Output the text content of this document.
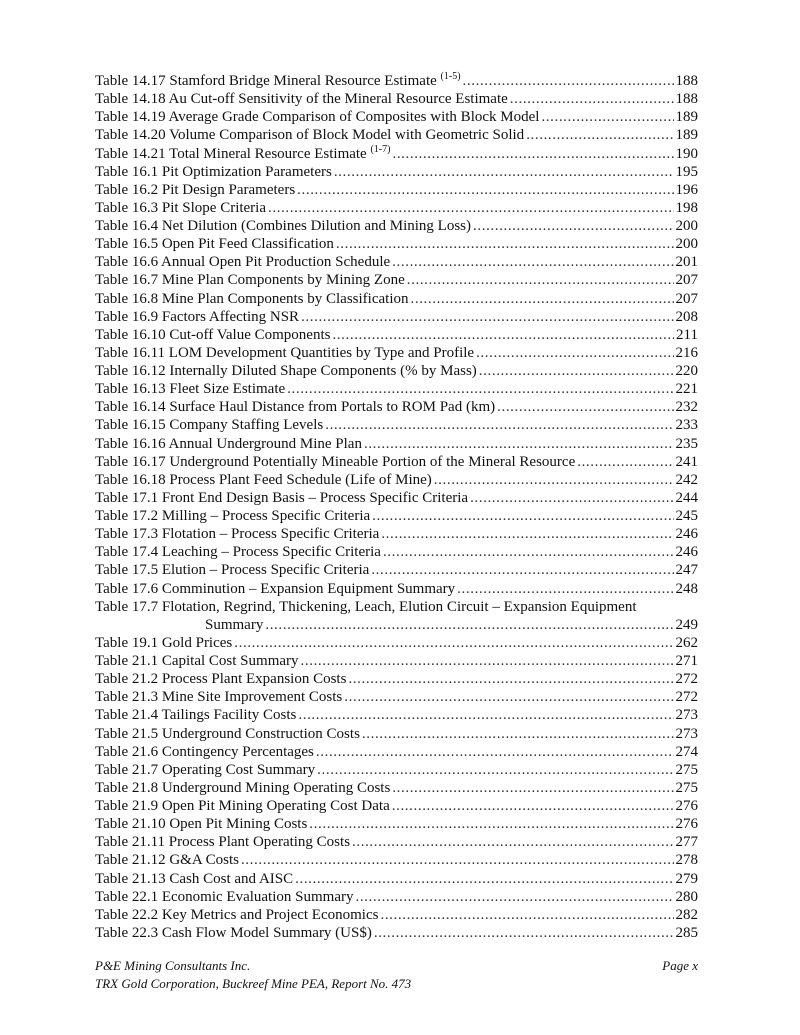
Table 14.17 Stamford Bridge Mineral Resource Estimate $^{(1-5)}$ .....	188
Table 14.18 Au Cut-off Sensitivity of the Mineral Resource Estimate .....	188
Table 14.19 Average Grade Comparison of Composites with Block Model .....	189
Table 14.20 Volume Comparison of Block Model with Geometric Solid .....	189
Table 14.21 Total Mineral Resource Estimate $^{(1-7)}$ .....	190
Table 16.1 Pit Optimization Parameters .....	195
Table 16.2 Pit Design Parameters .....	196
Table 16.3 Pit Slope Criteria .....	198
Table 16.4 Net Dilution (Combines Dilution and Mining Loss) .....	200
Table 16.5 Open Pit Feed Classification .....	200
Table 16.6 Annual Open Pit Production Schedule .....	201
Table 16.7 Mine Plan Components by Mining Zone .....	207
Table 16.8 Mine Plan Components by Classification .....	207
Table 16.9 Factors Affecting NSR .....	208
Table 16.10 Cut-off Value Components .....	211
Table 16.11 LOM Development Quantities by Type and Profile .....	216
Table 16.12 Internally Diluted Shape Components (% by Mass) .....	220
Table 16.13 Fleet Size Estimate .....	221
Table 16.14 Surface Haul Distance from Portals to ROM Pad (km) .....	232
Table 16.15 Company Staffing Levels .....	233
Table 16.16 Annual Underground Mine Plan .....	235
Table 16.17 Underground Potentially Mineable Portion of the Mineral Resource .....	241
Table 16.18 Process Plant Feed Schedule (Life of Mine) .....	242
Table 17.1 Front End Design Basis – Process Specific Criteria .....	244
Table 17.2 Milling – Process Specific Criteria .....	245
Table 17.3 Flotation – Process Specific Criteria .....	246
Table 17.4 Leaching – Process Specific Criteria .....	246
Table 17.5 Elution – Process Specific Criteria .....	247
Table 17.6 Comminution – Expansion Equipment Summary .....	248
Table 17.7 Flotation, Regrind, Thickening, Leach, Elution Circuit – Expansion Equipment
Summary .....	249
Table 19.1 Gold Prices .....	262
Table 21.1 Capital Cost Summary .....	271
Table 21.2 Process Plant Expansion Costs .....	272
Table 21.3 Mine Site Improvement Costs .....	272
Table 21.4 Tailings Facility Costs .....	273
Table 21.5 Underground Construction Costs .....	273
Table 21.6 Contingency Percentages .....	274
Table 21.7 Operating Cost Summary .....	275
Table 21.8 Underground Mining Operating Costs .....	275
Table 21.9 Open Pit Mining Operating Cost Data .....	276
Table 21.10 Open Pit Mining Costs .....	276
Table 21.11 Process Plant Operating Costs .....	277
Table 21.12 G&A Costs .....	278
Table 21.13 Cash Cost and AISC .....	279
Table 22.1 Economic Evaluation Summary .....	280
Table 22.2 Key Metrics and Project Economics .....	282
Table 22.3 Cash Flow Model Summary (US$) .....	285
P&E Mining Consultants Inc.
TRX Gold Corporation, Buckreef Mine PEA, Report No. 473
Page x
